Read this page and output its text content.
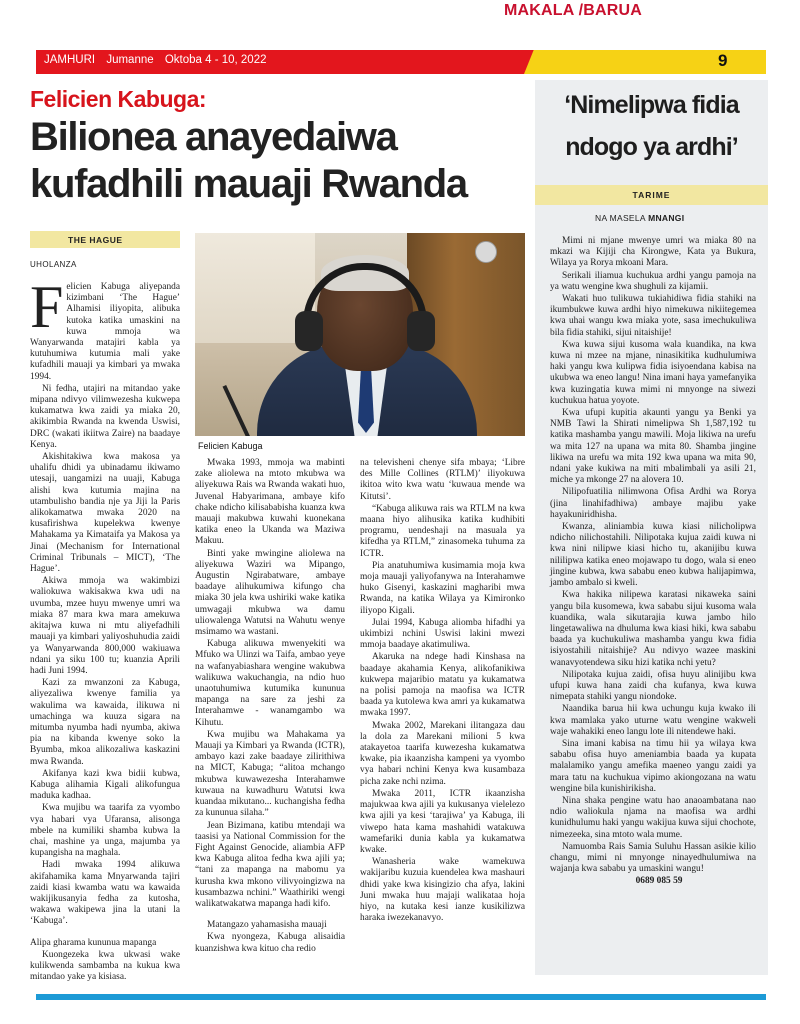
JAMHURI Jumanne Oktoba 4 - 10, 2022
MAKALA /BARUA
9
Felicien Kabuga:
Bilionea anayedaiwa
kufadhili mauaji Rwanda
THE HAGUE
UHOLANZA
Felicien Kabuga

Felicien Kabuga aliyepanda kizimbani ‘The Hague’ Alhamisi iliyopita, alibuka kutoka katika umaskini na kuwa mmoja wa Wanyarwanda matajiri kabla ya kutuhumiwa kutumia mali yake kufadhili mauaji ya kimbari ya mwaka 1994.

Ni fedha, utajiri na mitandao yake mipana ndivyo vilimwezesha kukwepa kukamatwa kwa zaidi ya miaka 20, akikimbia Rwanda na kwenda Uswisi, DRC (wakati ikiitwa Zaire) na baadaye Kenya.

Akishitakiwa kwa makosa ya uhalifu dhidi ya ubinadamu ikiwamo utesaji, uangamizi na uuaji, Kabuga alishi kwa kutumia majina na utambulisho bandia nje ya Jiji la Paris alikokamatwa mwaka 2020 na kusafirishwa kupelekwa kwenye Mahakama ya Kimataifa ya Makosa ya Jinai (Mechanism for International Criminal Tribunals – MICT), ‘The Hague’.

Akiwa mmoja wa wakimbizi waliokuwa wakisakwa kwa udi na uvumba, mzee huyu mwenye umri wa miaka 87 mara kwa mara amekuwa akitajwa kuwa ni mtu aliyefadhili mauaji ya kimbari yaliyoshuhudia zaidi ya Wanyarwanda 800,000 wakiuawa ndani ya siku 100 tu; kuanzia Aprili hadi Juni 1994.

Kazi za mwanzoni za Kabuga, aliyezaliwa kwenye familia ya wakulima wa kawaida, ilikuwa ni umachinga wa kuuza sigara na mitumba nyumba hadi nyumba, akiwa pia na kibanda kwenye soko la Byumba, mkoa alikozaliwa kaskazini mwa Rwanda.

Akifanya kazi kwa bidii kubwa, Kabuga alihamia Kigali alikofungua maduka kadhaa.

Kwa mujibu wa taarifa za vyombo vya habari vya Ufaransa, alisonga mbele na kumiliki shamba kubwa la chai, mashine ya unga, majumba ya kupangisha na maghala.

Hadi mwaka 1994 alikuwa akifahamika kama Mnyarwanda tajiri zaidi kiasi kwamba watu wa kawaida wakijikusanyia fedha za kutosha, wakawa wakipewa jina la utani la ‘Kabuga’.

Alipa gharama kununua mapanga

Kuongezeka kwa ukwasi wake kulikwenda sambamba na kukua kwa mitandao yake ya kisiasa.

Mwaka 1993, mmoja wa mabinti zake aliolewa na mtoto mkubwa wa aliyekuwa Rais wa Rwanda wakati huo, Juvenal Habyarimana, ambaye kifo chake ndicho kilisababisha kuanza kwa mauaji makubwa kuwahi kuonekana katika eneo la Ukanda wa Maziwa Makuu.

Binti yake mwingine aliolewa na aliyekuwa Waziri wa Mipango, Augustin Ngirabatware, ambaye baadaye alihukumiwa kifungo cha miaka 30 jela kwa ushiriki wake katika umwagaji mkubwa wa damu uliowalenga Watutsi na Wahutu wenye msimamo wa wastani.

Kabuga alikuwa mwenyekiti wa Mfuko wa Ulinzi wa Taifa, ambao yeye na wafanyabiashara wengine wakubwa walikuwa wakuchangia, na ndio huo unaotuhumiwa kutumika kununua mapanga na sare za jeshi za Interahamwe - wanamgambo wa Kihutu.

Kwa mujibu wa Mahakama ya Mauaji ya Kimbari ya Rwanda (ICTR), ambayo kazi zake baadaye zilirithiwa na MICT, Kabuga; “alitoa mchango mkubwa kuwawezesha Interahamwe kuwaua na kuwadhuru Watutsi kwa kuandaa mikutano... kuchangisha fedha za kununua silaha.”

Jean Bizimana, katibu mtendaji wa taasisi ya National Commission for the Fight Against Genocide, aliambia AFP kwa Kabuga alitoa fedha kwa ajili ya; “tani za mapanga na mabomu ya kurusha kwa mkono vilivyoingizwa na kusambazwa nchini.” Waathiriki wengi walikatwakatwa mapanga hadi kifo.

Matangazo yahamasisha mauaji

Kwa nyongeza, Kabuga alisaidia kuanzishwa kwa kituo cha redio

na televisheni chenye sifa mbaya; ‘Libre des Mille Collines (RTLM)’ iliyokuwa ikitoa wito kwa watu ‘kuwaua mende wa Kitutsi’.

“Kabuga alikuwa rais wa RTLM na kwa maana hiyo alihusika katika kudhibiti programu, uendeshaji na masuala ya kifedha ya RTLM,” zinasomeka tuhuma za ICTR.

Pia anatuhumiwa kusimamia moja kwa moja mauaji yaliyofanywa na Interahamwe huko Gisenyi, kaskazini magharibi mwa Rwanda, na katika Wilaya ya Kimironko iliyopo Kigali.

Julai 1994, Kabuga aliomba hifadhi ya ukimbizi nchini Uswisi lakini mwezi mmoja baadaye akatimuliwa.

Akaruka na ndege hadi Kinshasa na baadaye akahamia Kenya, alikofanikiwa kukwepa majaribio matatu ya kukamatwa na polisi pamoja na maofisa wa ICTR baada ya kutolewa kwa amri ya kukamatwa mwaka 1997.

Mwaka 2002, Marekani ilitangaza dau la dola za Marekani milioni 5 kwa atakayetoa taarifa kuwezesha kukamatwa kwake, pia ikaanzisha kampeni ya vyombo vya habari nchini Kenya kwa kusambaza picha zake nchi nzima.

Mwaka 2011, ICTR ikaanzisha majukwaa kwa ajili ya kukusanya vielelezo kwa ajili ya kesi ‘tarajiwa’ ya Kabuga, ili viwepo hata kama mashahidi watakuwa wamefariki dunia kabla ya kukamatwa kwake.

Wanasheria wake wamekuwa wakijaribu kuzuia kuendelea kwa mashauri dhidi yake kwa kisingizio cha afya, lakini Juni mwaka huu majaji walikataa hoja hiyo, na kutaka kesi ianze kusikilizwa haraka iwezekanavyo.

‘Nimelipwa fidia
ndogo ya ardhi’
TARIME
NA MASELA MNANGI

Mimi ni mjane mwenye umri wa miaka 80 na mkazi wa Kijiji cha Kirongwe, Kata ya Bukura, Wilaya ya Rorya mkoani Mara.

Serikali iliamua kuchukua ardhi yangu pamoja na ya watu wengine kwa shughuli za kijamii.

Wakati huo tulikuwa tukiahidiwa fidia stahiki na ikumbukwe kuwa ardhi hiyo nimekuwa nikiitegemea kwa uhai wangu kwa miaka yote, sasa imechukuliwa bila fidia stahiki, sijui nitaishije!

Kwa kuwa sijui kusoma wala kuandika, na kwa kuwa ni mzee na mjane, ninasikitika kudhulumiwa haki yangu kwa kulipwa fidia isiyoendana kabisa na ukubwa wa eneo langu! Nina imani haya yamefanyika kwa kuzingatia kuwa mimi ni mnyonge na siwezi kuchukua hatua yoyote.

Kwa ufupi kupitia akaunti yangu ya Benki ya NMB Tawi la Shirati nimelipwa Sh 1,587,192 tu katika mashamba yangu mawili. Moja likiwa na urefu wa mita 127 na upana wa mita 80. Shamba jingine likiwa na urefu wa mita 192 kwa upana wa mita 90, ndani yake kukiwa na miti mbalimbali ya asili 21, miche ya mkonge 27 na alovera 10.

Nilipofuatilia nilimwona Ofisa Ardhi wa Rorya (jina linahifadhiwa) ambaye majibu yake hayakuniridhisha.

Kwanza, aliniambia kuwa kiasi nilicholipwa ndicho nilichostahili. Nilipotaka kujua zaidi kuwa ni kwa nini nilipwe kiasi hicho tu, akanijibu kuwa nililipwa katika eneo mojawapo tu dogo, wala si eneo jingine kubwa, kwa sababu eneo kubwa halijapimwa, jambo ambalo si kweli.

Kwa hakika nilipewa karatasi nikaweka saini yangu bila kusomewa, kwa sababu sijui kusoma wala kuandika, wala sikutarajia kuwa jambo hilo lingetawaliwa na dhuluma kwa kiasi hiki, kwa sababu baada ya kuchukuliwa mashamba yangu kwa fidia isiyostahili nitaishije? Au ndivyo wazee maskini wanavyotendewa siku hizi katika nchi yetu?

Nilipotaka kujua zaidi, ofisa huyu alinijibu kwa ufupi kuwa hana zaidi cha kufanya, kwa kuwa nimepata stahiki yangu niondoke.

Naandika barua hii kwa uchungu kuja kwako ili kwa mamlaka yako uturne watu wengine wakweli waje wahakiki eneo langu lote ili nitendewe haki.

Sina imani kabisa na timu hii ya wilaya kwa sababu ofisa huyo ameniambia baada ya kupata malalamiko yangu amefika maeneo yangu zaidi ya mara tatu na kuchukua vipimo akiongozana na watu wengine bila kunishirikisha.

Nina shaka pengine watu hao anaoambatana nao ndio waliokula njama na maofisa wa ardhi kunidhulumu haki yangu wakijua kuwa sijui chochote, nimezeeka, sina mtoto wala mume.

Namuomba Rais Samia Suluhu Hassan asikie kilio changu, mimi ni mnyonge ninayedhulumiwa na wajanja kwa sababu ya umaskini wangu!

0689 085 59
